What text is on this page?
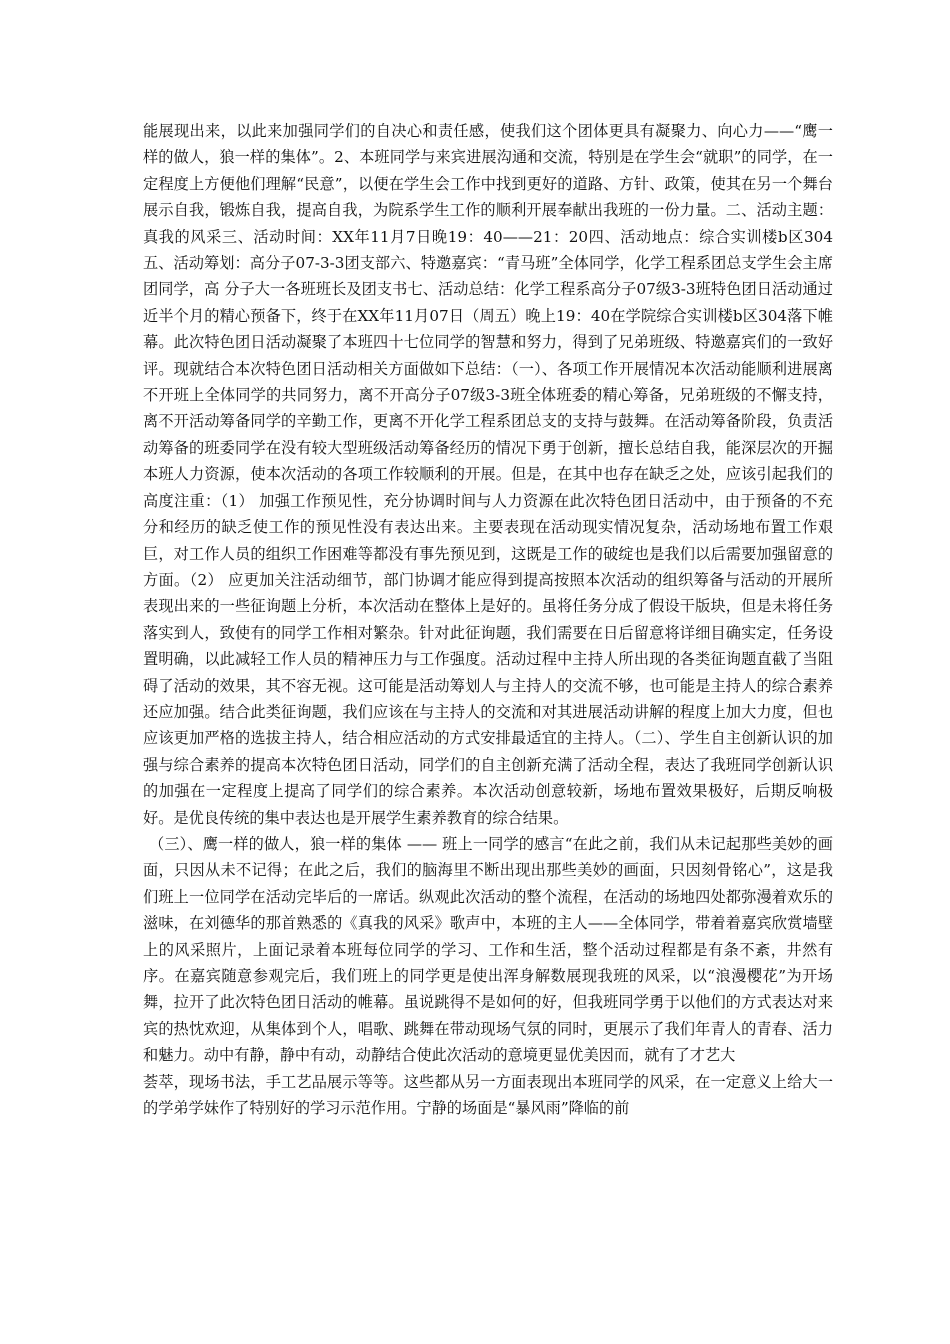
能展现出来，以此来加强同学们的自决心和责任感，使我们这个团体更具有凝聚力、向心力——“鹰一样的做人，狼一样的集体”。2、本班同学与来宾进展沟通和交流，特别是在学生会“就职”的同学，在一定程度上方便他们理解“民意”，以便在学生会工作中找到更好的道路、方针、政策，使其在另一个舞台展示自我，锻炼自我，提高自我，为院系学生工作的顺利开展奉献出我班的一份力量。二、活动主题：真我的风采三、活动时间：XX年11月7日晚19：40——21：20四、活动地点：综合实训楼b区304五、活动筹划：高分子07-3-3团支部六、特邀嘉宾：“青马班”全体同学，化学工程系团总支学生会主席团同学，高 分子大一各班班长及团支书七、活动总结：化学工程系高分子07级3-3班特色团日活动通过近半个月的精心预备下，终于在XX年11月07日（周五）晚上19：40在学院综合实训楼b区304落下帷幕。此次特色团日活动凝聚了本班四十七位同学的智慧和努力，得到了兄弟班级、特邀嘉宾们的一致好评。现就结合本次特色团日活动相关方面做如下总结：（一）、各项工作开展情况本次活动能顺利进展离不开班上全体同学的共同努力，离不开高分子07级3-3班全体班委的精心筹备，兄弟班级的不懈支持，离不开活动筹备同学的辛勤工作，更离不开化学工程系团总支的支持与鼓舞。在活动筹备阶段，负责活动筹备的班委同学在没有较大型班级活动筹备经历的情况下勇于创新，擅长总结自我，能深层次的开掘本班人力资源，使本次活动的各项工作较顺利的开展。但是，在其中也存在缺乏之处，应该引起我们的高度注重：（1） 加强工作预见性，充分协调时间与人力资源在此次特色团日活动中，由于预备的不充分和经历的缺乏使工作的预见性没有表达出来。主要表现在活动现实情况复杂，活动场地布置工作艰巨，对工作人员的组织工作困难等都没有事先预见到，这既是工作的破绽也是我们以后需要加强留意的方面。（2） 应更加关注活动细节，部门协调才能应得到提高按照本次活动的组织筹备与活动的开展所表现出来的一些征询题上分析，本次活动在整体上是好的。虽将任务分成了假设干版块，但是未将任务落实到人，致使有的同学工作相对繁杂。针对此征询题，我们需要在日后留意将详细目确实定，任务设置明确，以此减轻工作人员的精神压力与工作强度。活动过程中主持人所出现的各类征询题直截了当阻碍了活动的效果，其不容无视。这可能是活动筹划人与主持人的交流不够，也可能是主持人的综合素养还应加强。结合此类征询题，我们应该在与主持人的交流和对其进展活动讲解的程度上加大力度，但也应该更加严格的选拔主持人，结合相应活动的方式安排最适宜的主持人。（二）、学生自主创新认识的加强与综合素养的提高本次特色团日活动，同学们的自主创新充满了活动全程，表达了我班同学创新认识的加强在一定程度上提高了同学们的综合素养。本次活动创意较新，场地布置效果极好，后期反响极好。是优良传统的集中表达也是开展学生素养教育的综合结果。

（三）、鹰一样的做人，狼一样的集体 —— 班上一同学的感言“在此之前，我们从未记起那些美妙的画面，只因从未不记得；在此之后，我们的脑海里不断出现出那些美妙的画面，只因刻骨铭心”，这是我们班上一位同学在活动完毕后的一席话。纵观此次活动的整个流程，在活动的场地四处都弥漫着欢乐的滋味，在刘德华的那首熟悉的《真我的风采》歌声中，本班的主人——全体同学，带着着嘉宾欣赏墙壁上的风采照片，上面记录着本班每位同学的学习、工作和生活，整个活动过程都是有条不紊，井然有序。在嘉宾随意参观完后，我们班上的同学更是使出浑身解数展现我班的风采，以“浪漫樱花”为开场舞，拉开了此次特色团日活动的帷幕。虽说跳得不是如何的好，但我班同学勇于以他们的方式表达对来宾的热忱欢迎，从集体到个人，唱歌、跳舞在带动现场气氛的同时，更展示了我们年青人的青春、活力和魅力。动中有静，静中有动，动静结合使此次活动的意境更显优美因而，就有了才艺大

荟萃，现场书法，手工艺品展示等等。这些都从另一方面表现出本班同学的风采，在一定意义上给大一的学弟学妹作了特别好的学习示范作用。宁静的场面是“暴风雨”降临的前
